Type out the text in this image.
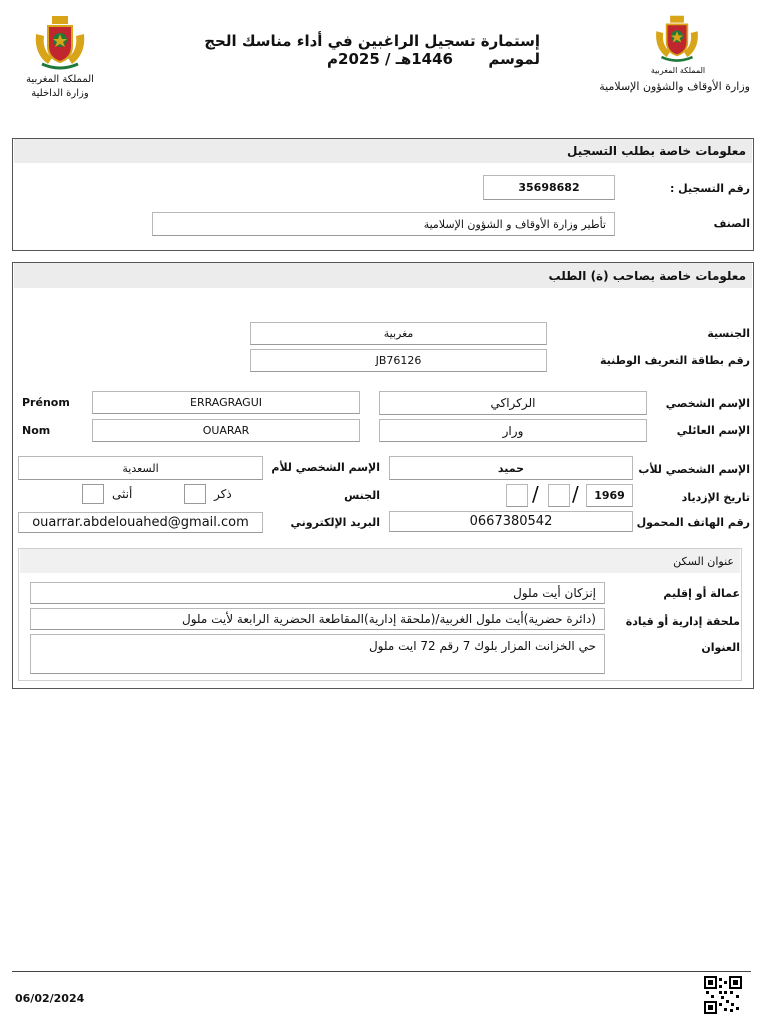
المملكة المغربية
وزارة الداخلية
إستمارة تسجيل الراغبين في أداء مناسك الحج لموسم
1446هـ / 2025م
المملكة المغربية
وزارة الأوقاف والشؤون الإسلامية
معلومات خاصة بطلب التسجيل
رقم التسجيل :
35698682
الصنف
تأطير وزارة الأوقاف و الشؤون الإسلامية
معلومات خاصة بصاحب (ة) الطلب
الجنسية
مغربية
رقم بطاقة التعريف الوطنية
JB76126
الإسم الشخصي
الركراكي
ERRAGRAGUI
Prénom
الإسم العائلي
ورار
OUARAR
Nom
الإسم الشخصي للأب
حميد
الإسم الشخصي للأم
السعدية
تاريخ الإزدياد
1969
/
/
الجنس
ذكر
أنثى
رقم الهاتف المحمول
0667380542
البريد الإلكتروني
ouarrar.abdelouahed@gmail.com
عنوان السكن
عمالة أو إقليم
إنزكان أيت ملول
ملحقة إدارية أو قيادة
(دائرة حضرية)أيت ملول الغربية/(ملحقة إدارية)المقاطعة الحضرية الرابعة لأيت ملول
العنوان
حي الخزانت المزار بلوك 7 رقم 72 ايت ملول
06/02/2024
